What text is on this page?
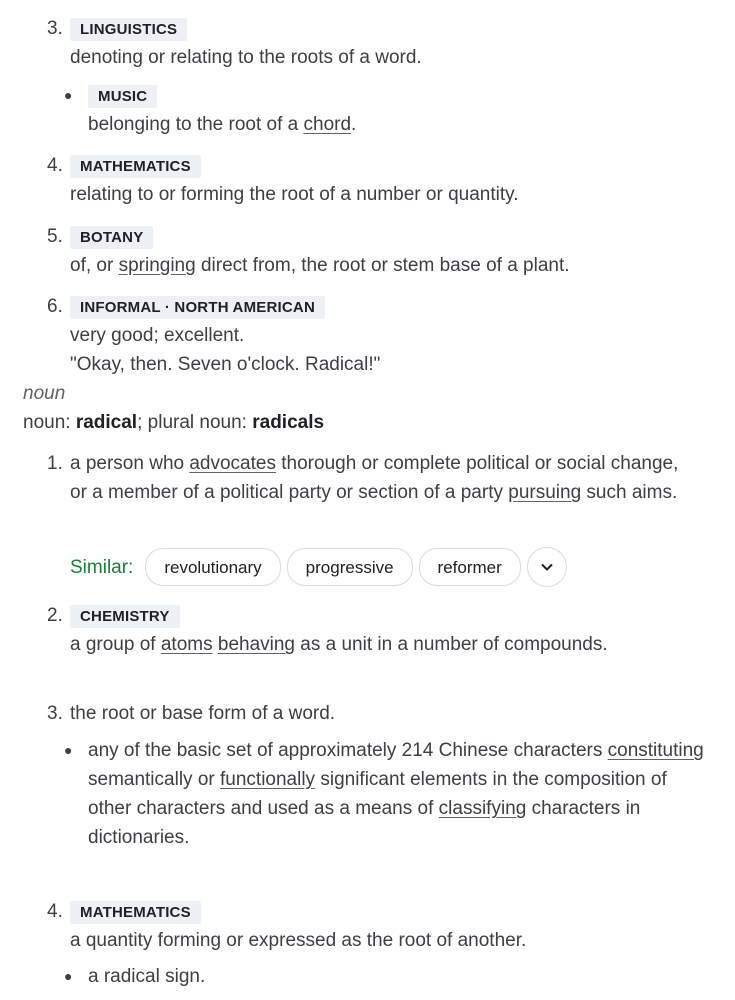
3.	LINGUISTICS
denoting or relating to the roots of a word.
●	MUSIC
belonging to the root of a chord.
4.	MATHEMATICS
relating to or forming the root of a number or quantity.
5.	BOTANY
of, or springing direct from, the root or stem base of a plant.
6.	INFORMAL · NORTH AMERICAN
very good; excellent.
"Okay, then. Seven o'clock. Radical!"
noun
noun: radical; plural noun: radicals
1. a person who advocates thorough or complete political or social change, or a member of a political party or section of a party pursuing such aims.
Similar:	revolutionary	progressive	reformer
2.	CHEMISTRY
a group of atoms behaving as a unit in a number of compounds.
3. the root or base form of a word.
● any of the basic set of approximately 214 Chinese characters constituting semantically or functionally significant elements in the composition of other characters and used as a means of classifying characters in dictionaries.
4.	MATHEMATICS
a quantity forming or expressed as the root of another.
● a radical sign.
